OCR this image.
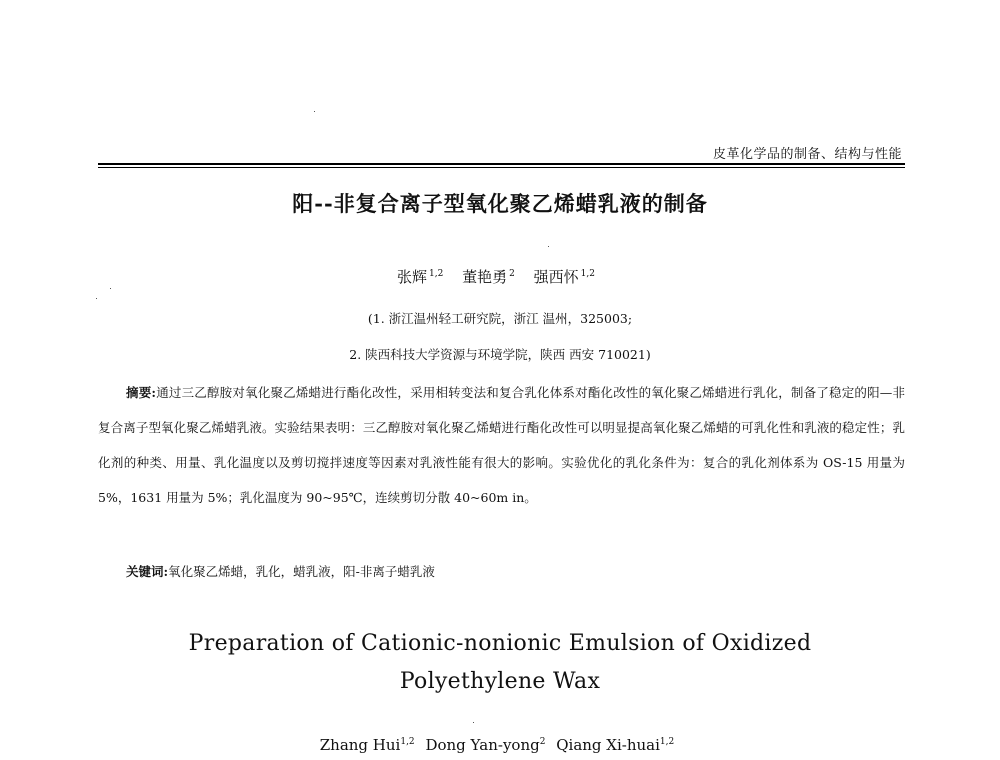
皮革化学品的制备、结构与性能
阳--非复合离子型氧化聚乙烯蜡乳液的制备
张辉 $^{1,2}$ 董艳勇 $^2$ 强西怀 $^{1,2}$
(1. 浙江温州轻工研究院，浙江 温州，325003;
2. 陕西科技大学资源与环境学院，陕西 西安 710021)
摘要:通过三乙醇胺对氧化聚乙烯蜡进行酯化改性，采用相转变法和复合乳化体系对酯化改性的氧化聚乙烯蜡进行乳化，制备了稳定的阳—非复合离子型氧化聚乙烯蜡乳液。实验结果表明：三乙醇胺对氧化聚乙烯蜡进行酯化改性可以明显提高氧化聚乙烯蜡的可乳化性和乳液的稳定性；乳化剂的种类、用量、乳化温度以及剪切搅拌速度等因素对乳液性能有很大的影响。实验优化的乳化条件为：复合的乳化剂体系为 OS-15 用量为 5%，1631 用量为 5%；乳化温度为 90~95℃，连续剪切分散 40~60m in。
关键词:氧化聚乙烯蜡，乳化，蜡乳液，阳-非离子蜡乳液
Preparation of Cationic-nonionic Emulsion of Oxidized
Polyethylene Wax
Zhang Hui$^{1,2}$ Dong Yan-yong$^2$ Qiang Xi-huai$^{1,2}$
